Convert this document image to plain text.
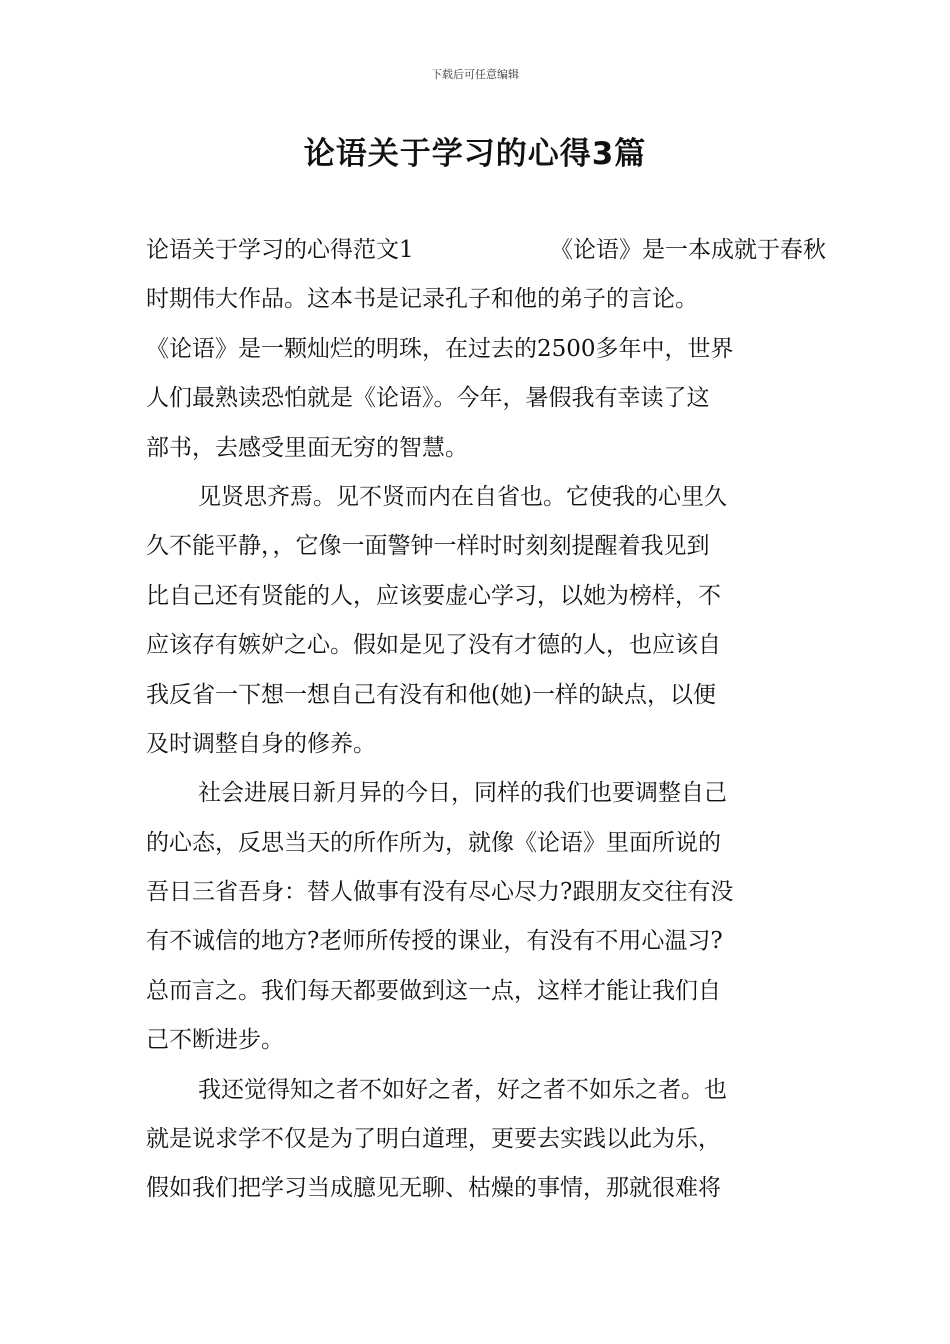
下载后可任意编辑
论语关于学习的心得3篇
论语关于学习的心得范文1	《论语》是一本成就于春秋
时期伟大作品。这本书是记录孔子和他的弟子的言论。
《论语》是一颗灿烂的明珠，在过去的2500多年中，世界
人们最熟读恐怕就是《论语》。今年，暑假我有幸读了这
部书，去感受里面无穷的智慧。
见贤思齐焉。见不贤而内在自省也。它使我的心里久
久不能平静，，它像一面警钟一样时时刻刻提醒着我见到
比自己还有贤能的人，应该要虚心学习，以她为榜样，不
应该存有嫉妒之心。假如是见了没有才德的人，也应该自
我反省一下想一想自己有没有和他(她)一样的缺点，以便
及时调整自身的修养。
社会进展日新月异的今日，同样的我们也要调整自己
的心态，反思当天的所作所为，就像《论语》里面所说的
吾日三省吾身：替人做事有没有尽心尽力?跟朋友交往有没
有不诚信的地方?老师所传授的课业，有没有不用心温习?
总而言之。我们每天都要做到这一点，这样才能让我们自
己不断进步。
我还觉得知之者不如好之者，好之者不如乐之者。也
就是说求学不仅是为了明白道理，更要去实践以此为乐，
假如我们把学习当成臆见无聊、枯燥的事情，那就很难将
